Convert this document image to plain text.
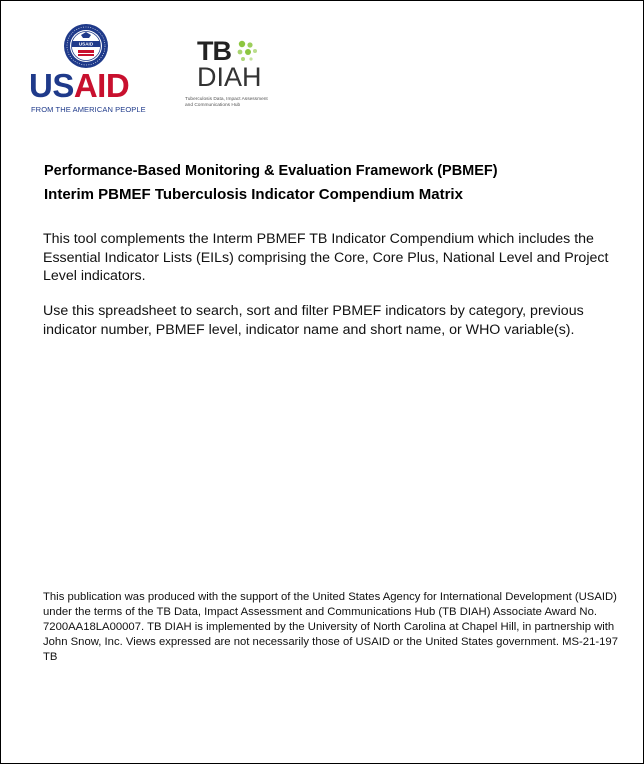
USAID
USAID
FROM THE AMERICAN PEOPLE
TB
DIAH
Tuberculosis Data, Impact Assessment and Communications Hub
Performance-Based Monitoring & Evaluation Framework (PBMEF)
Interim PBMEF Tuberculosis Indicator Compendium Matrix
This tool complements the Interm PBMEF TB Indicator Compendium which includes the Essential Indicator Lists (EILs) comprising the Core, Core Plus, National Level and Project Level indicators.
Use this spreadsheet to search, sort and filter PBMEF indicators by category, previous indicator number, PBMEF level, indicator name and short name, or WHO variable(s).
This publication was produced with the support of the United States Agency for International Development (USAID) under the terms of the TB Data, Impact Assessment and Communications Hub (TB DIAH) Associate Award No. 7200AA18LA00007. TB DIAH is implemented by the University of North Carolina at Chapel Hill, in partnership with John Snow, Inc. Views expressed are not necessarily those of USAID or the United States government. MS-21-197 TB
